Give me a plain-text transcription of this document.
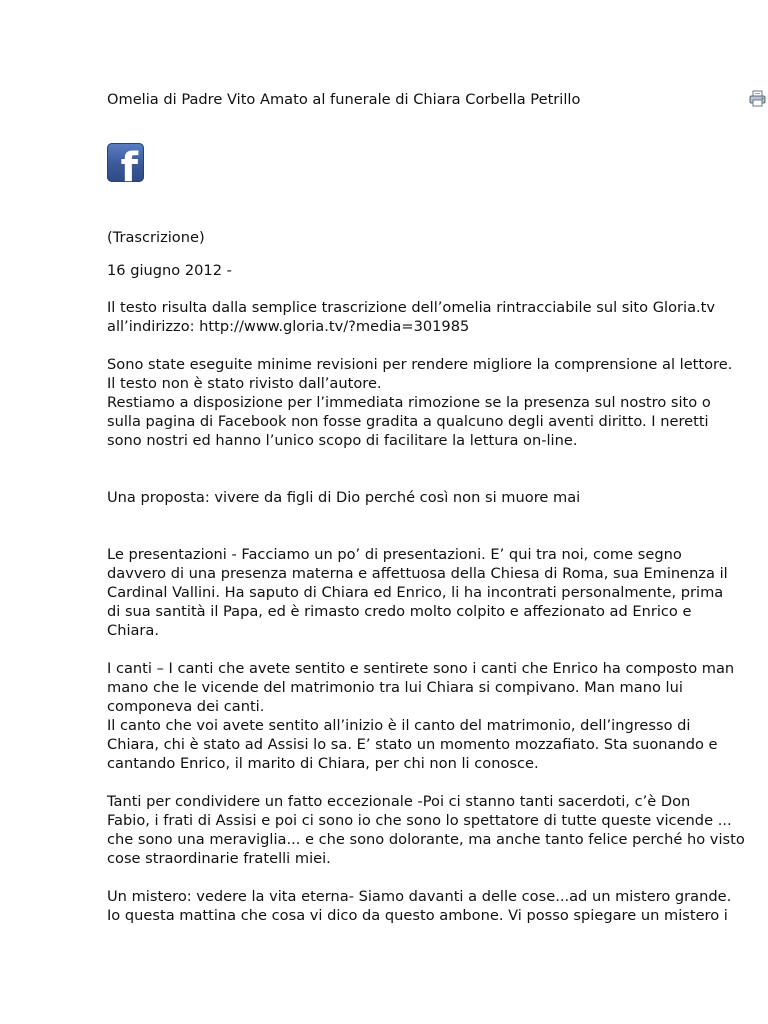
Omelia di Padre Vito Amato al funerale di Chiara Corbella Petrillo

f

(Trascrizione)

16 giugno 2012 -

Il testo risulta dalla semplice trascrizione dell’omelia rintracciabile sul sito Gloria.tv

all’indirizzo: http://www.gloria.tv/?media=301985

Sono state eseguite minime revisioni per rendere migliore la comprensione al lettore.

Il testo non è stato rivisto dall’autore.

Restiamo a disposizione per l’immediata rimozione se la presenza sul nostro sito o

sulla pagina di Facebook non fosse gradita a qualcuno degli aventi diritto. I neretti

sono nostri ed hanno l’unico scopo di facilitare la lettura on-line.

Una proposta: vivere da figli di Dio perché così non si muore mai

Le presentazioni - Facciamo un po’ di presentazioni. E’ qui tra noi, come segno

davvero di una presenza materna e affettuosa della Chiesa di Roma, sua Eminenza il

Cardinal Vallini. Ha saputo di Chiara ed Enrico, li ha incontrati personalmente, prima

di sua santità il Papa, ed è rimasto credo molto colpito e affezionato ad Enrico e

Chiara.

I canti – I canti che avete sentito e sentirete sono i canti che Enrico ha composto man

mano che le vicende del matrimonio tra lui Chiara si compivano. Man mano lui

componeva dei canti.

Il canto che voi avete sentito all’inizio è il canto del matrimonio, dell’ingresso di

Chiara, chi è stato ad Assisi lo sa. E’ stato un momento mozzafiato. Sta suonando e

cantando Enrico, il marito di Chiara, per chi non li conosce.

Tanti per condividere un fatto eccezionale -Poi ci stanno tanti sacerdoti, c’è Don

Fabio, i frati di Assisi e poi ci sono io che sono lo spettatore di tutte queste vicende ...

che sono una meraviglia... e che sono dolorante, ma anche tanto felice perché ho visto

cose straordinarie fratelli miei.

Un mistero: vedere la vita eterna- Siamo davanti a delle cose...ad un mistero grande.

Io questa mattina che cosa vi dico da questo ambone. Vi posso spiegare un mistero i
